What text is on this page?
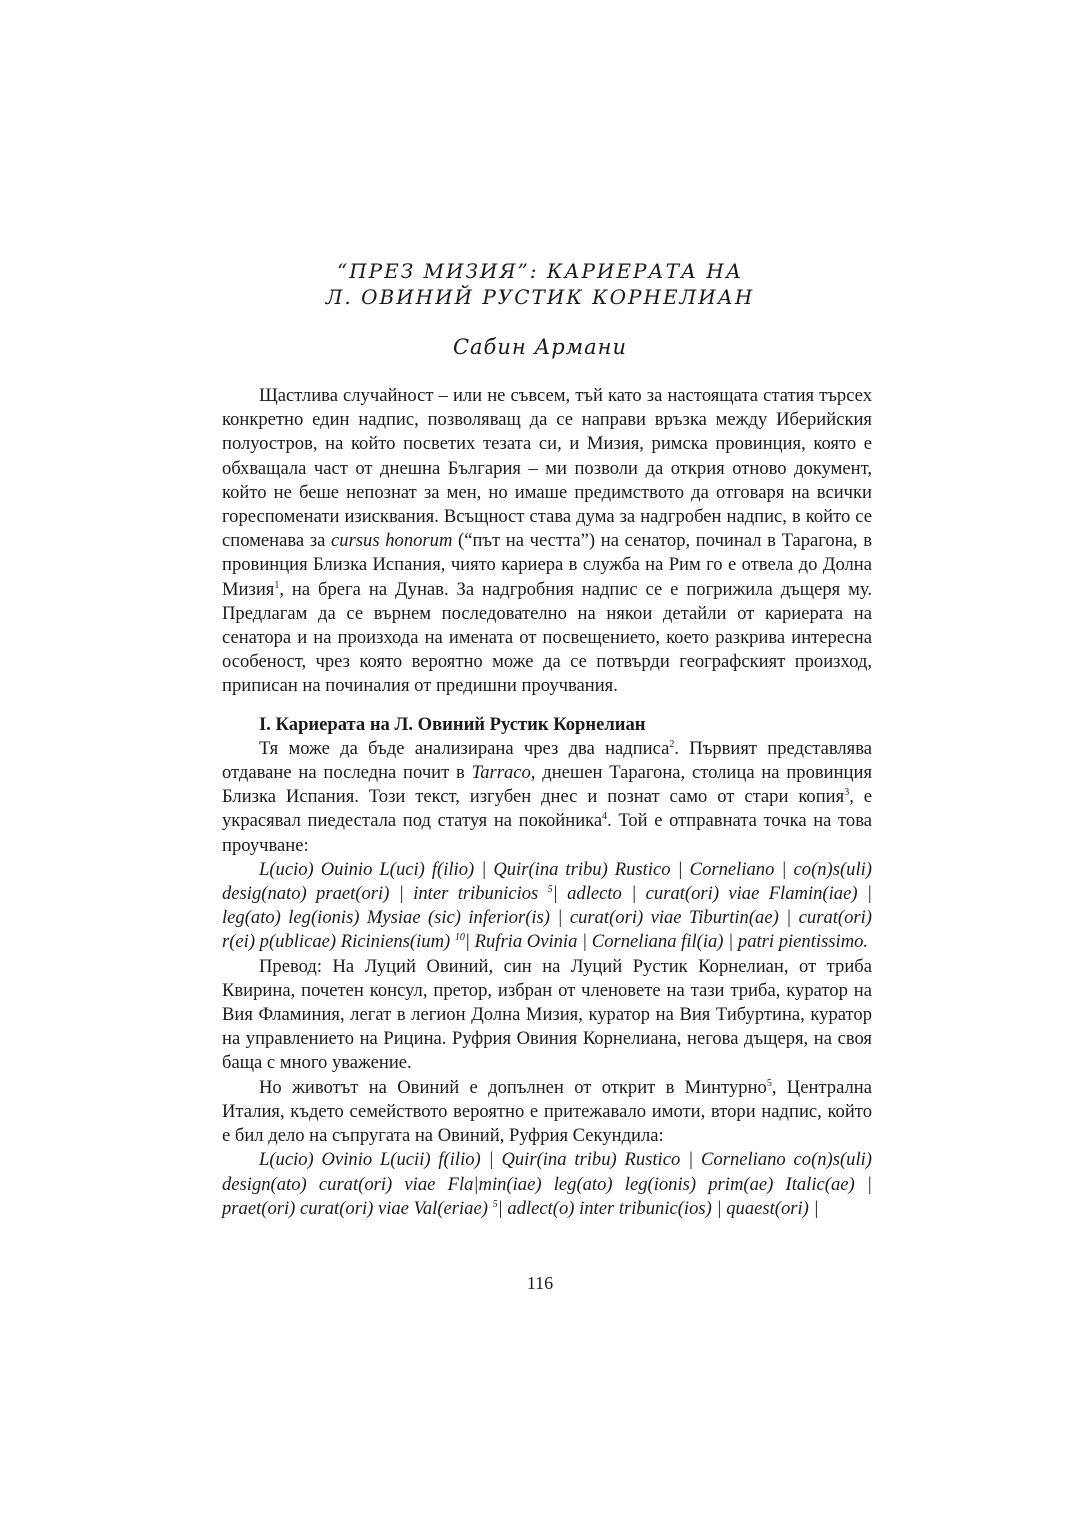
“ПРЕЗ МИЗИЯ”: КАРИЕРАТА НА
Л. ОВИНИЙ РУСТИК КОРНЕЛИАН

Сабин Армани

Щастлива случайност – или не съвсем, тъй като за настоящата статия търсех конкретно един надпис, позволяващ да се направи връзка между Иберийския полуостров, на който посветих тезата си, и Мизия, римска провинция, която е обхващала част от днешна България – ми позволи да открия отново документ, който не беше непознат за мен, но имаше предимството да отговаря на всички гореспоменати изисквания. Всъщност става дума за надгробен надпис, в който се споменава за cursus honorum (“път на честта”) на сенатор, починал в Тарагона, в провинция Близка Испания, чиято кариера в служба на Рим го е отвела до Долна Мизия$^1$, на брега на Дунав. За надгробния надпис се е погрижила дъщеря му. Предлагам да се върнем последователно на някои детайли от кариерата на сенатора и на произхода на имената от посвещението, което разкрива интересна особеност, чрез която вероятно може да се потвърди географският произход, приписан на починалия от предишни проучвания.

I. Кариерата на Л. Овиний Рустик Корнелиан

Тя може да бъде анализирана чрез два надписа$^2$. Първият представлява отдаване на последна почит в Tarraco, днешен Тарагона, столица на провинция Близка Испания. Този текст, изгубен днес и познат само от стари копия$^3$, е украсявал пиедестала под статуя на покойника$^4$. Той е отправната точка на това проучване:

L(ucio) Ouinio L(uci) f(ilio) | Quir(ina tribu) Rustico | Corneliano | co(n)s(uli) desig(nato) praet(ori) | inter tribunicios $^5$| adlecto | curat(ori) viae Flamin(iae) | leg(ato) leg(ionis) Mysiae (sic) inferior(is) | curat(ori) viae Tiburtin(ae) | curat(ori) r(ei) p(ublicae) Riciniens(ium) $^{10}$| Rufria Ovinia | Corneliana fil(ia) | patri pientissimo.

Превод: На Луций Овиний, син на Луций Рустик Корнелиан, от триба Квирина, почетен консул, претор, избран от членовете на тази триба, куратор на Вия Фламиния, легат в легион Долна Мизия, куратор на Вия Тибуртина, куратор на управлението на Рицина. Руфрия Овиния Корнелиана, негова дъщеря, на своя баща с много уважение.

Но животът на Овиний е допълнен от открит в Минтурно$^5$, Централна Италия, където семейството вероятно е притежавало имоти, втори надпис, който е бил дело на съпругата на Овиний, Руфрия Секундила:

L(ucio) Ovinio L(ucii) f(ilio) | Quir(ina tribu) Rustico | Corneliano co(n)s(uli) design(ato) curat(ori) viae Fla|min(iae) leg(ato) leg(ionis) prim(ae) Italic(ae) | praet(ori) curat(ori) viae Val(eriae) $^5$| adlect(o) inter tribunic(ios) | quaest(ori) |

116
